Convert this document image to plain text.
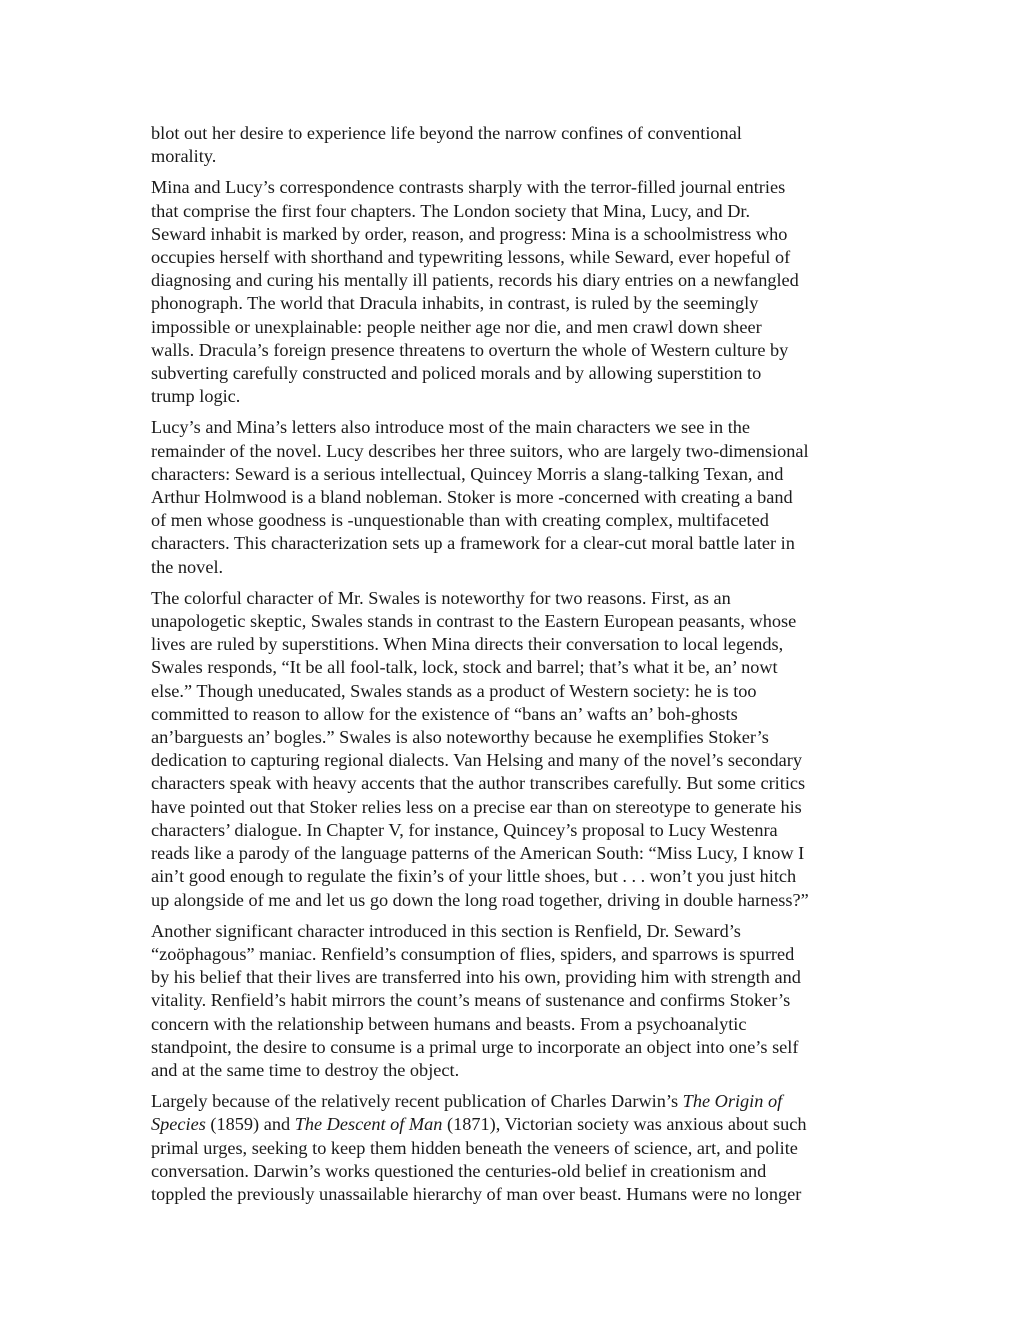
blot out her desire to experience life beyond the narrow confines of conventional
morality.

Mina and Lucy’s correspondence contrasts sharply with the terror-filled journal entries
that comprise the first four chapters. The London society that Mina, Lucy, and Dr.
Seward inhabit is marked by order, reason, and progress: Mina is a schoolmistress who
occupies herself with shorthand and typewriting lessons, while Seward, ever hopeful of
diagnosing and curing his mentally ill patients, records his diary entries on a newfangled
phonograph. The world that Dracula inhabits, in contrast, is ruled by the seemingly
impossible or unexplainable: people neither age nor die, and men crawl down sheer
walls. Dracula’s foreign presence threatens to overturn the whole of Western culture by
subverting carefully constructed and policed morals and by allowing superstition to
trump logic.

Lucy’s and Mina’s letters also introduce most of the main characters we see in the
remainder of the novel. Lucy describes her three suitors, who are largely two-dimensional
characters: Seward is a serious intellectual, Quincey Morris a slang-talking Texan, and
Arthur Holmwood is a bland nobleman. Stoker is more -concerned with creating a band
of men whose goodness is -unquestionable than with creating complex, multifaceted
characters. This characterization sets up a framework for a clear-cut moral battle later in
the novel.

The colorful character of Mr. Swales is noteworthy for two reasons. First, as an
unapologetic skeptic, Swales stands in contrast to the Eastern European peasants, whose
lives are ruled by superstitions. When Mina directs their conversation to local legends,
Swales responds, “It be all fool-talk, lock, stock and barrel; that’s what it be, an’ nowt
else.” Though uneducated, Swales stands as a product of Western society: he is too
committed to reason to allow for the existence of “bans an’ wafts an’ boh-ghosts
an’barguests an’ bogles.” Swales is also noteworthy because he exemplifies Stoker’s
dedication to capturing regional dialects. Van Helsing and many of the novel’s secondary
characters speak with heavy accents that the author transcribes carefully. But some critics
have pointed out that Stoker relies less on a precise ear than on stereotype to generate his
characters’ dialogue. In Chapter V, for instance, Quincey’s proposal to Lucy Westenra
reads like a parody of the language patterns of the American South: “Miss Lucy, I know I
ain’t good enough to regulate the fixin’s of your little shoes, but . . . won’t you just hitch
up alongside of me and let us go down the long road together, driving in double harness?”

Another significant character introduced in this section is Renfield, Dr. Seward’s
“zoöphagous” maniac. Renfield’s consumption of flies, spiders, and sparrows is spurred
by his belief that their lives are transferred into his own, providing him with strength and
vitality. Renfield’s habit mirrors the count’s means of sustenance and confirms Stoker’s
concern with the relationship between humans and beasts. From a psychoanalytic
standpoint, the desire to consume is a primal urge to incorporate an object into one’s self
and at the same time to destroy the object.

Largely because of the relatively recent publication of Charles Darwin’s The Origin of
Species (1859) and The Descent of Man (1871), Victorian society was anxious about such
primal urges, seeking to keep them hidden beneath the veneers of science, art, and polite
conversation. Darwin’s works questioned the centuries-old belief in creationism and
toppled the previously unassailable hierarchy of man over beast. Humans were no longer
